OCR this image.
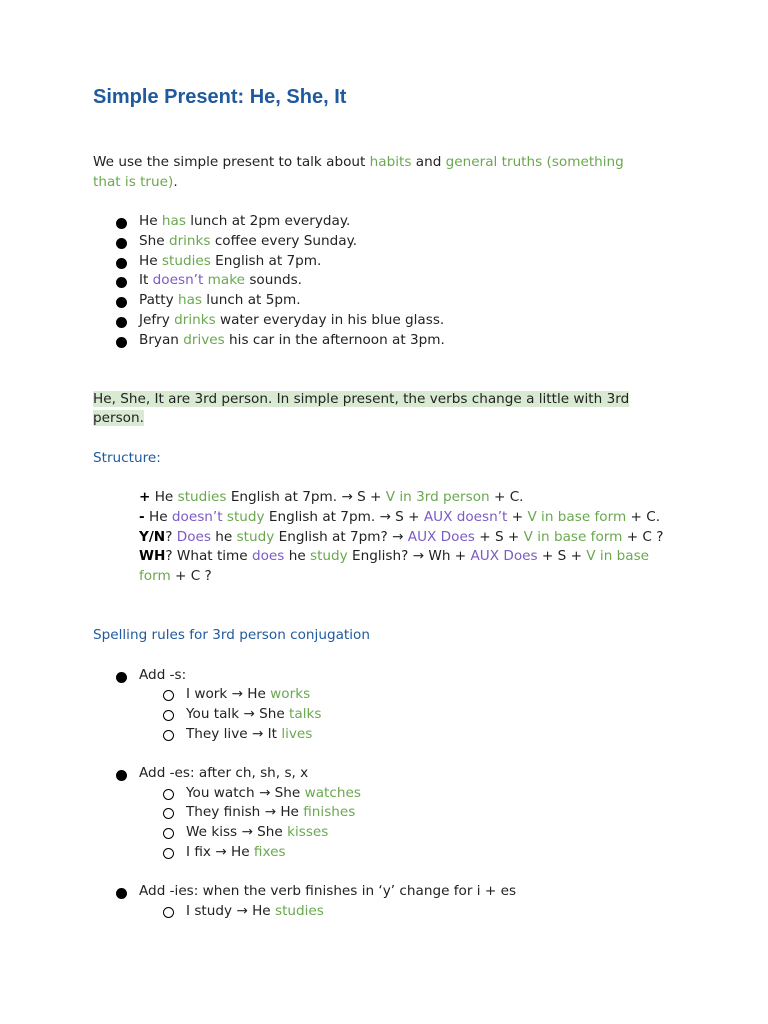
Simple Present: He, She, It
We use the simple present to talk about habits and general truths (something
that is true).
He has lunch at 2pm everyday.
She drinks coffee every Sunday.
He studies English at 7pm.
It doesn’t make sounds.
Patty has lunch at 5pm.
Jefry drinks water everyday in his blue glass.
Bryan drives his car in the afternoon at 3pm.
He, She, It are 3rd person. In simple present, the verbs change a little with 3rd
person.
Structure:
+ He studies English at 7pm. → S + V in 3rd person + C.
- He doesn’t study English at 7pm. → S + AUX doesn’t + V in base form + C.
Y/N? Does he study English at 7pm? → AUX Does + S + V in base form + C ?
WH? What time does he study English? → Wh + AUX Does + S + V in base
form + C ?
Spelling rules for 3rd person conjugation
Add -s:
I work → He works
You talk → She talks
They live → It lives
Add -es: after ch, sh, s, x
You watch → She watches
They finish → He finishes
We kiss → She kisses
I fix → He fixes
Add -ies: when the verb finishes in ‘y’ change for i + es
I study → He studies
